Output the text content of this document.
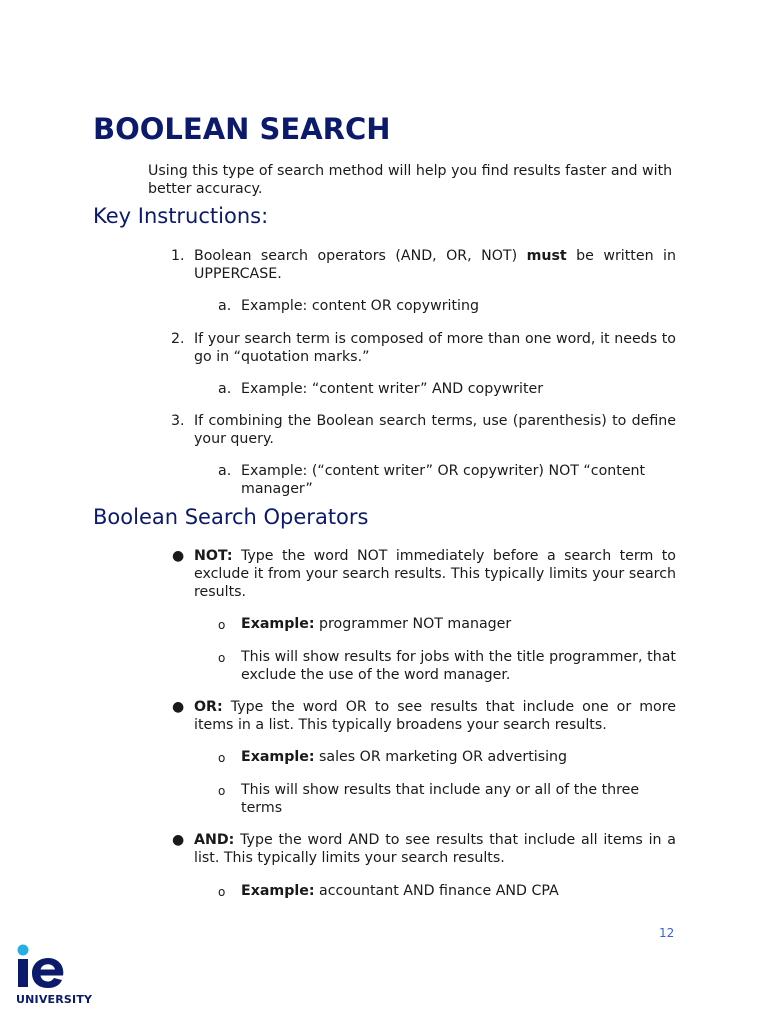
BOOLEAN SEARCH

Using this type of search method will help you find results faster and with better accuracy.

Key Instructions:
1. Boolean search operators (AND, OR, NOT) must be written in UPPERCASE.

a. Example: content OR copywriting

2. If your search term is composed of more than one word, it needs to go in “quotation marks.”

a. Example: “content writer” AND copywriter

3. If combining the Boolean search terms, use (parenthesis) to define your query.

a. Example: (“content writer” OR copywriter) NOT “content manager”

Boolean Search Operators
● NOT: Type the word NOT immediately before a search term to exclude it from your search results. This typically limits your search results.

o Example: programmer NOT manager

o This will show results for jobs with the title programmer, that exclude the use of the word manager.

● OR: Type the word OR to see results that include one or more items in a list. This typically broadens your search results.

o Example: sales OR marketing OR advertising

o This will show results that include any or all of the three terms

● AND: Type the word AND to see results that include all items in a list. This typically limits your search results.

o Example: accountant AND finance AND CPA

12
UNIVERSITY
